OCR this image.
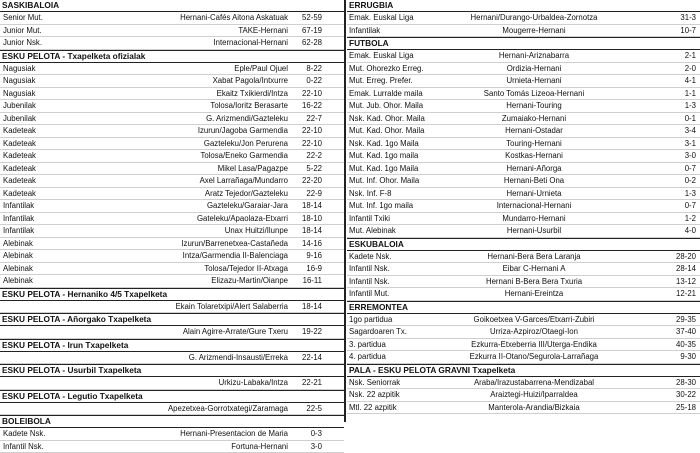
SASKIBALOIA
Senior Mut.	Hernani-Cafés Aitona Askatuak	52-59
Junior Mut.	TAKE-Hernani	67-19
Junior Nsk.	Internacional-Hernani	62-28
ESKU PELOTA - Txapelketa ofizialak
Nagusiak	Eple/Paul Ojuel	8-22
Nagusiak	Xabat Pagola/Intxurre	0-22
Nagusiak	Ekaitz Txikierdi/Intza	22-10
Jubenilak	Tolosa/Ioritz Berasarte	16-22
Jubenilak	G. Arizmendi/Gazteleku	22-7
Kadeteak	Izurun/Jagoba Garmendia	22-10
Kadeteak	Gazteleku/Jon Perurena	22-10
Kadeteak	Tolosa/Eneko Garmendia	22-2
Kadeteak	Mikel Lasa/Pagazpe	5-22
Kadeteak	Axel Larrañaga/Mundarro	22-20
Kadeteak	Aratz Tejedor/Gazteleku	22-9
Infantilak	Gazteleku/Garaiar-Jara	18-14
Infantilak	Gateleku/Apaolaza-Etxarri	18-10
Infantilak	Unax Huitzi/Ilunpe	18-14
Alebinak	Izurun/Barrenetxea-Castañeda	14-16
Alebinak	Intza/Garmendia II-Balenciaga	9-16
Alebinak	Tolosa/Tejedor II-Atxaga	16-9
Alebinak	Elizazu-Martin/Oianpe	16-11
ESKU PELOTA - Hernaniko 4/5 Txapelketa
Ekain Tolaretxipi/Alert Salaberria	18-14
ESKU PELOTA - Añorgako Txapelketa
Alain Agirre-Arrate/Gure Txeru	19-22
ESKU PELOTA - Irun Txapelketa
G. Arizmendi-Insausti/Erreka	22-14
ESKU PELOTA - Usurbil Txapelketa
Urkizu-Labaka/Intza	22-21
ESKU PELOTA - Legutio Txapelketa
Apezetxea-Gorrotxategi/Zaramaga	22-5
BOLEIBOLA
Kadete Nsk.	Hernani-Presentacion de Maria	0-3
Infantil Nsk.	Fortuna-Hernani	3-0
ERRUGBIA
Emak. Euskal Liga	Hernani/Durango-Urbaldea-Zornotza	31-3
Infantilak	Mougerre-Hernani	10-7
FUTBOLA
Emak. Euskal Liga	Hernani-Ariznabarra	2-1
Mut. Ohorezko Erreg.	Ordizia-Hernani	2-0
Mut. Erreg. Prefer.	Urnieta-Hernani	4-1
Emak. Lurralde maila	Santo Tomás Lizeoa-Hernani	1-1
Mut. Jub. Ohor. Maila	Hernani-Touring	1-3
Nsk. Kad. Ohor. Maila	Zumaiako-Hernani	0-1
Mut. Kad. Ohor. Maila	Hernani-Ostadar	3-4
Nsk. Kad. 1go Maila	Touring-Hernani	3-1
Mut. Kad. 1go maila	Kostkas-Hernani	3-0
Mut. Kad. 1go Maila	Hernani-Añorga	0-7
Mut. Inf. Ohor. Maila	Hernani-Beti Ona	0-2
Nsk. Inf. F-8	Hernani-Urnieta	1-3
Mut. Inf. 1go maila	Internacional-Hernani	0-7
Infantil Txiki	Mundarro-Hernani	1-2
Mut. Alebinak	Hernani-Usurbil	4-0
ESKUBALOIA
Kadete Nsk.	Hernani-Bera Bera Laranja	28-20
Infantil Nsk.	Eibar C-Hernani A	28-14
Infantil Nsk.	Hernani B-Bera Bera Txuria	13-12
Infantil Mut.	Hernani-Ereintza	12-21
ERREMONTEA
1go partidua	Goikoetxea V-Garces/Etxarri-Zubiri	29-35
Sagardoaren Tx.	Urriza-Azpiroz/Otaegi-Ion	37-40
3. partidua	Ezkurra-Etxeberria III/Uterga-Endika	40-35
4. partidua	Ezkurra II-Otano/Segurola-Larrañaga	9-30
PALA - ESKU PELOTA GRAVNI Txapelketa
Nsk. Seniorrak	Araba/Irazustabarrena-Mendizabal	28-30
Nsk. 22 azpitik	Araiztegi-Huizi/Iparraldea	30-22
Mtl. 22 azpitik	Manterola-Arandia/Bizkaia	25-18
